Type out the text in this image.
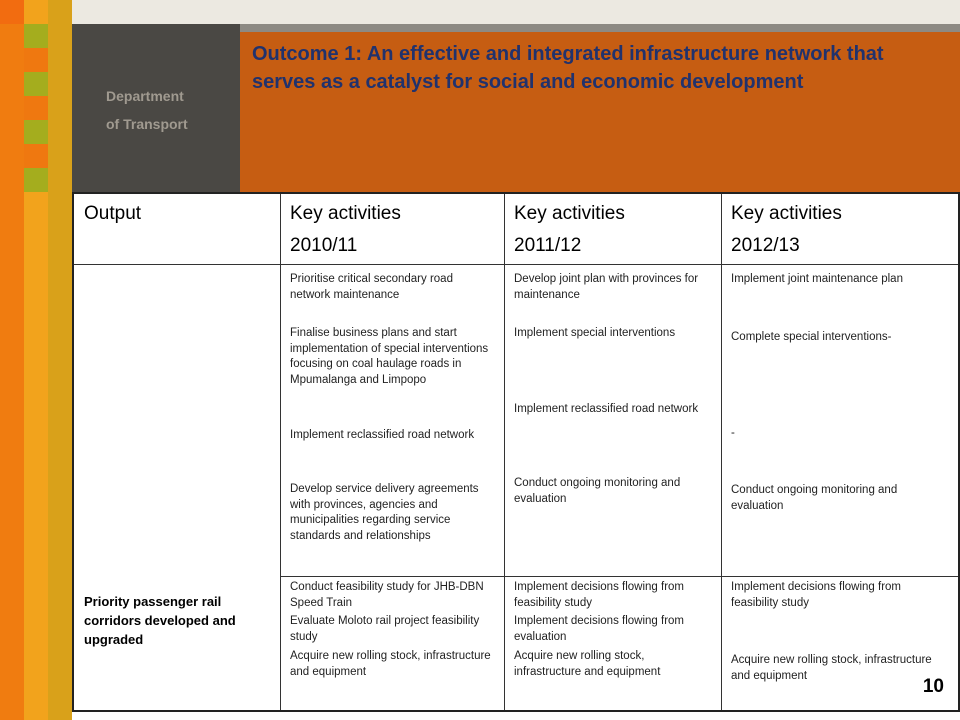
Department
of Transport
Outcome 1: An effective and integrated infrastructure network that serves as a catalyst for social and economic development
Output	Key activities
2010/11
Key activities
2011/12
Key activities
2012/13
Priority passenger rail corridors developed and upgraded
Prioritise critical secondary road network maintenance
Finalise business plans and start implementation of special interventions focusing on coal haulage roads in Mpumalanga and Limpopo
Implement reclassified road network
Develop service delivery agreements with provinces, agencies and municipalities regarding service standards and relationships
Develop joint plan with provinces for maintenance
Implement special interventions
Implement reclassified road network
Conduct ongoing monitoring and evaluation
Implement joint maintenance plan
Complete special interventions-
-
Conduct ongoing monitoring and evaluation
Conduct feasibility study for JHB-DBN Speed Train
Evaluate Moloto rail project feasibility study
Acquire new rolling stock, infrastructure and equipment
Implement decisions flowing from feasibility study
Implement decisions flowing from evaluation
Acquire new rolling stock, infrastructure and equipment
Implement decisions flowing from feasibility study
Acquire new rolling stock, infrastructure and equipment
10
